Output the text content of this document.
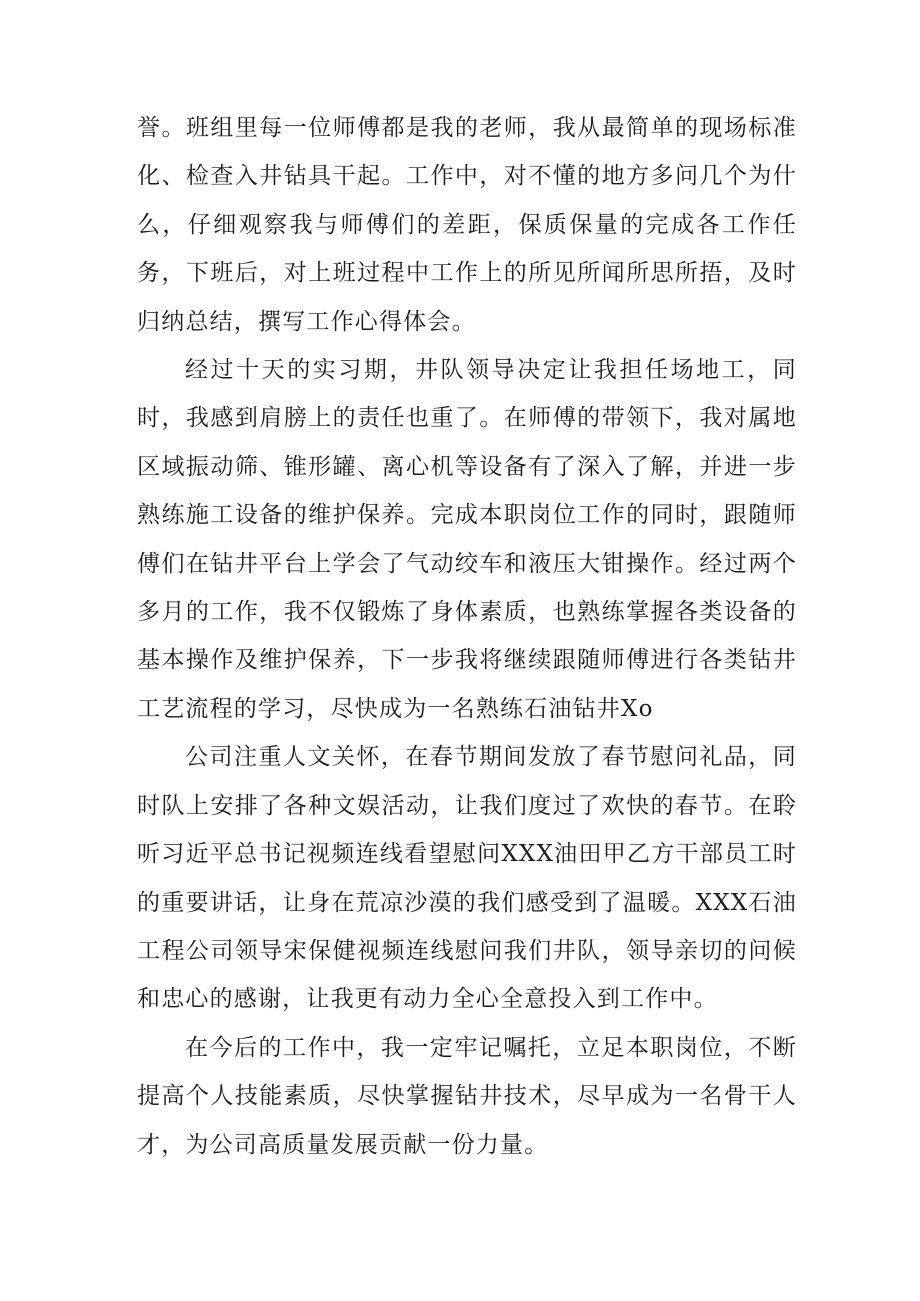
誉。班组里每一位师傅都是我的老师，我从最简单的现场标准化、检查入井钻具干起。工作中，对不懂的地方多问几个为什么，仔细观察我与师傅们的差距，保质保量的完成各工作任务，下班后，对上班过程中工作上的所见所闻所思所捂，及时归纳总结，撰写工作心得体会。

经过十天的实习期，井队领导决定让我担任场地工，同时，我感到肩膀上的责任也重了。在师傅的带领下，我对属地区域振动筛、锥形罐、离心机等设备有了深入了解，并进一步熟练施工设备的维护保养。完成本职岗位工作的同时，跟随师傅们在钻井平台上学会了气动绞车和液压大钳操作。经过两个多月的工作，我不仅锻炼了身体素质，也熟练掌握各类设备的基本操作及维护保养，下一步我将继续跟随师傅进行各类钻井工艺流程的学习，尽快成为一名熟练石油钻井Xo

公司注重人文关怀，在春节期间发放了春节慰问礼品，同时队上安排了各种文娱活动，让我们度过了欢快的春节。在聆听习近平总书记视频连线看望慰问XXX油田甲乙方干部员工时的重要讲话，让身在荒凉沙漠的我们感受到了温暖。XXX石油工程公司领导宋保健视频连线慰问我们井队，领导亲切的问候和忠心的感谢，让我更有动力全心全意投入到工作中。

在今后的工作中，我一定牢记嘱托，立足本职岗位，不断提高个人技能素质，尽快掌握钻井技术，尽早成为一名骨干人才，为公司高质量发展贡献一份力量。
